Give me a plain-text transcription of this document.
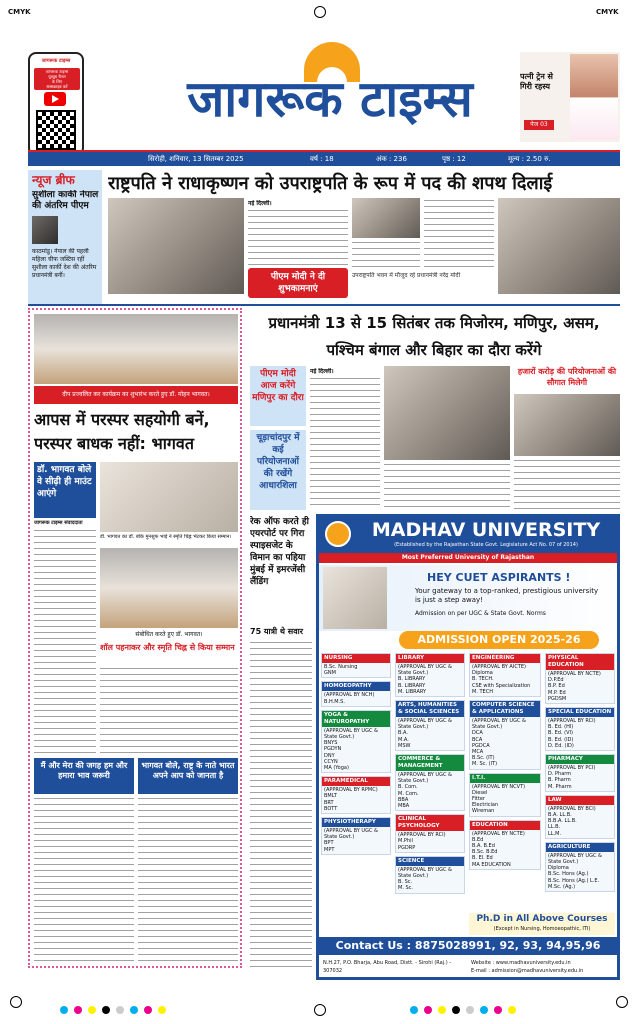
CMYK	CMYK
जागरूक टाइम्स
जागरूक टाइम्स
यूट्यूब चैनल
के लिए
सब्सक्राइब करें	जागरूक टाइम्स	पत्नी ट्रेन से गिरी रहस्य
पेज 03
सिरोही, शनिवार, 13 सितम्बर 2025	वर्ष : 18	अंक : 236	पृष्ठ : 12	मूल्य : 2.50 रु.
न्यूज ब्रीफ
सुशीला कार्की नेपाल की अंतरिम पीएम
काठमांडू। नेपाल की पहली महिला चीफ जस्टिस रहीं सुशीला कार्की देश की अंतरिम प्रधानमंत्री बनीं।
राष्ट्रपति ने राधाकृष्णन को उपराष्ट्रपति के रूप में पद की शपथ दिलाई
नई दिल्ली।
पीएम मोदी ने दी शुभकामनाएं
उपराष्ट्रपति भवन में मौजूद रहे प्रधानमंत्री नरेंद्र मोदी
दीप प्रज्वलित कर कार्यक्रम का शुभारंभ करते हुए डॉ. मोहन भागवत।
आपस में परस्पर सहयोगी बनें, परस्पर बाधक नहीं: भागवत
डॉ. भागवत बोले वे सीढ़ी ही माउंट आएंगे
जागरूक टाइम्स संवाददाता
डॉ. भागवत का डॉ. बोंके मुनसुफ भाई ने स्मृति चिह्न भेंटकर किया सम्मान।
संबोधित करते हुए डॉ. भागवत।
शॉल पहनाकर और स्मृति चिह्न से किया सम्मान
मैं और मेरा की जगह हम और हमारा भाव जरूरी
भागवत बोले, राष्ट्र के नाते भारत अपने आप को जानता है
प्रधानमंत्री 13 से 15 सितंबर तक मिजोरम, मणिपुर, असम, पश्चिम बंगाल और बिहार का दौरा करेंगे
पीएम मोदी आज करेंगे मणिपुर का दौरा
चूड़ाचांदपुर में कई परियोजनाओं की रखेंगे आधारशिला
नई दिल्ली।	हजारों करोड़ की परियोजनाओं की सौगात मिलेगी
रेक ऑफ करते ही एयरपोर्ट पर गिरा स्पाइसजेट के विमान का पहिया मुंबई में इमरजेंसी लैंडिंग
75 यात्री थे सवार
MADHAV UNIVERSITY
(Established by the Rajasthan State Govt. Legislature Act No. 07 of 2014)
Most Preferred University of Rajasthan
HEY CUET ASPIRANTS !
Your gateway to a top-ranked, prestigious university is just a step away!
Admission on per UGC & State Govt. Norms
ADMISSION OPEN 2025-26
NURSING
B.Sc. Nursing
GNM
HOMOEOPATHY
(APPROVAL BY NCH)
B.H.M.S.
YOGA & NATUROPATHY
(APPROVAL BY UGC & State Govt.)
BNYS
PGDYN
DNY
CCYN
MA (Yoga)
PARAMEDICAL
(APPROVAL BY RPMC)
BMLT
BRT
BOTT
PHYSIOTHERAPY
(APPROVAL BY UGC & State Govt.)
BPT
MPT
LIBRARY
(APPROVAL BY UGC & State Govt.)
B. LIBRARY
B. LIBRARY
M. LIBRARY
ARTS, HUMANITIES & SOCIAL SCIENCES
(APPROVAL BY UGC & State Govt.)
B.A.
M.A.
MSW
COMMERCE & MANAGEMENT
(APPROVAL BY UGC & State Govt.)
B. Com.
M. Com.
BBA
MBA
CLINICAL PSYCHOLOGY
(APPROVAL BY RCI)
M.Phil
PGDRP
SCIENCE
(APPROVAL BY UGC & State Govt.)
B. Sc.
M. Sc.
ENGINEERING
(APPROVAL BY AICTE)
Diploma
B. TECH.
CSE with Specialization
M. TECH
COMPUTER SCIENCE & APPLICATIONS
(APPROVAL BY UGC & State Govt.)
DCA
BCA
PGDCA
MCA
B.Sc. (IT)
M. Sc. (IT)
I.T.I.
(APPROVAL BY NCVT)
Diesel
Fitter
Electrician
Wireman
EDUCATION
(APPROVAL BY NCTE)
B.Ed
B.A. B.Ed
B.Sc. B.Ed
B. El. Ed
MA EDUCATION
PHYSICAL EDUCATION
(APPROVAL BY NCTE)
D.P.Ed
B.P. Ed
M.P. Ed
PGDSM
SPECIAL EDUCATION
(APPROVAL BY RCI)
B. Ed. (HI)
B. Ed. (VI)
B. Ed. (ID)
D. Ed. (ID)
PHARMACY
(APPROVAL BY PCI)
D. Pharm
B. Pharm
M. Pharm
LAW
(APPROVAL BY BCI)
B.A. LL.B.
B.B.A. LL.B.
LL.B.
LL.M.
AGRICULTURE
(APPROVAL BY UGC & State Govt.)
Diploma
B.Sc. Hons (Ag.)
B.Sc. Hons (Ag.) L.E.
M.Sc. (Ag.)
Ph.D in All Above Courses
(Except in Nursing, Homoeopathic, ITI)
Contact Us : 8875028991, 92, 93, 94,95,96
N.H.27, P.O. Bharja, Abu Road, Distt. - Sirohi (Raj.) - 307032
Website : www.madhavuniversity.edu.in
E-mail : admission@madhavuniversity.edu.in
